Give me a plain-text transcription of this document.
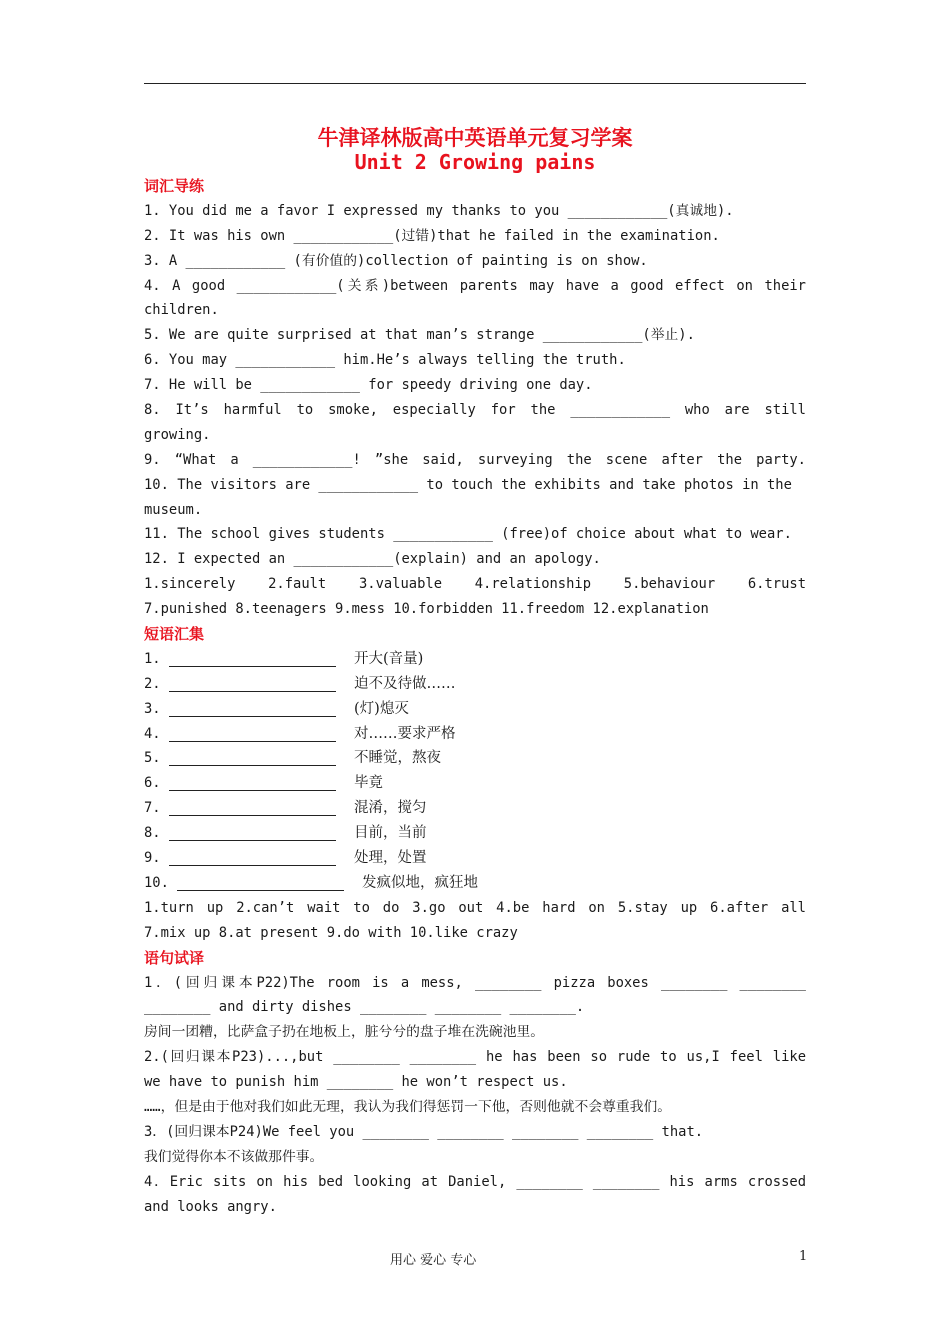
牛津译林版高中英语单元复习学案
Unit 2 Growing pains
词汇导练
1. You did me a favor I expressed my thanks to you ____________(真诚地).
2. It was his own ____________(过错)that he failed in the examination.
3. A ____________ (有价值的)collection of painting is on show.
4. A good ____________(关系)between parents may have a good effect on their
children.
5. We are quite surprised at that man’s strange ____________(举止).
6. You may ____________ him.He’s always telling the truth.
7. He will be ____________ for speedy driving one day.
8. It’s harmful to smoke, especially for the ____________ who are still
growing.
9. “What a ____________! ”she said, surveying the scene after the party.
10. The visitors are ____________ to touch the exhibits and take photos in the
museum.
11. The school gives students ____________ (free)of choice about what to wear.
12. I expected an ____________(explain) and an apology.
1.sincerely 2.fault 3.valuable 4.relationship 5.behaviour 6.trust
7.punished 8.teenagers 9.mess 10.forbidden 11.freedom 12.explanation
短语汇集
1.	开大(音量)
2.	迫不及待做……
3.	(灯)熄灭
4.	对……要求严格
5.	不睡觉，熬夜
6.	毕竟
7.	混淆，搅匀
8.	目前，当前
9.	处理，处置
10.	发疯似地，疯狂地
1.turn up 2.can’t wait to do 3.go out 4.be hard on 5.stay up 6.after all
7.mix up 8.at present 9.do with 10.like crazy
语句试译
1．(回归课本P22)The room is a mess, ________ pizza boxes ________ ________
________ and dirty dishes ________ ________ ________.
房间一团糟，比萨盒子扔在地板上，脏兮兮的盘子堆在洗碗池里。
2.(回归课本P23)...,but ________ ________ he has been so rude to us,I feel like
we have to punish him ________ he won’t respect us.
……，但是由于他对我们如此无理，我认为我们得惩罚一下他，否则他就不会尊重我们。
3．(回归课本P24)We feel you ________ ________ ________ ________ that.
我们觉得你本不该做那件事。
4．Eric sits on his bed looking at Daniel, ________ ________ his arms crossed
and looks angry.
用心 爱心 专心	1
